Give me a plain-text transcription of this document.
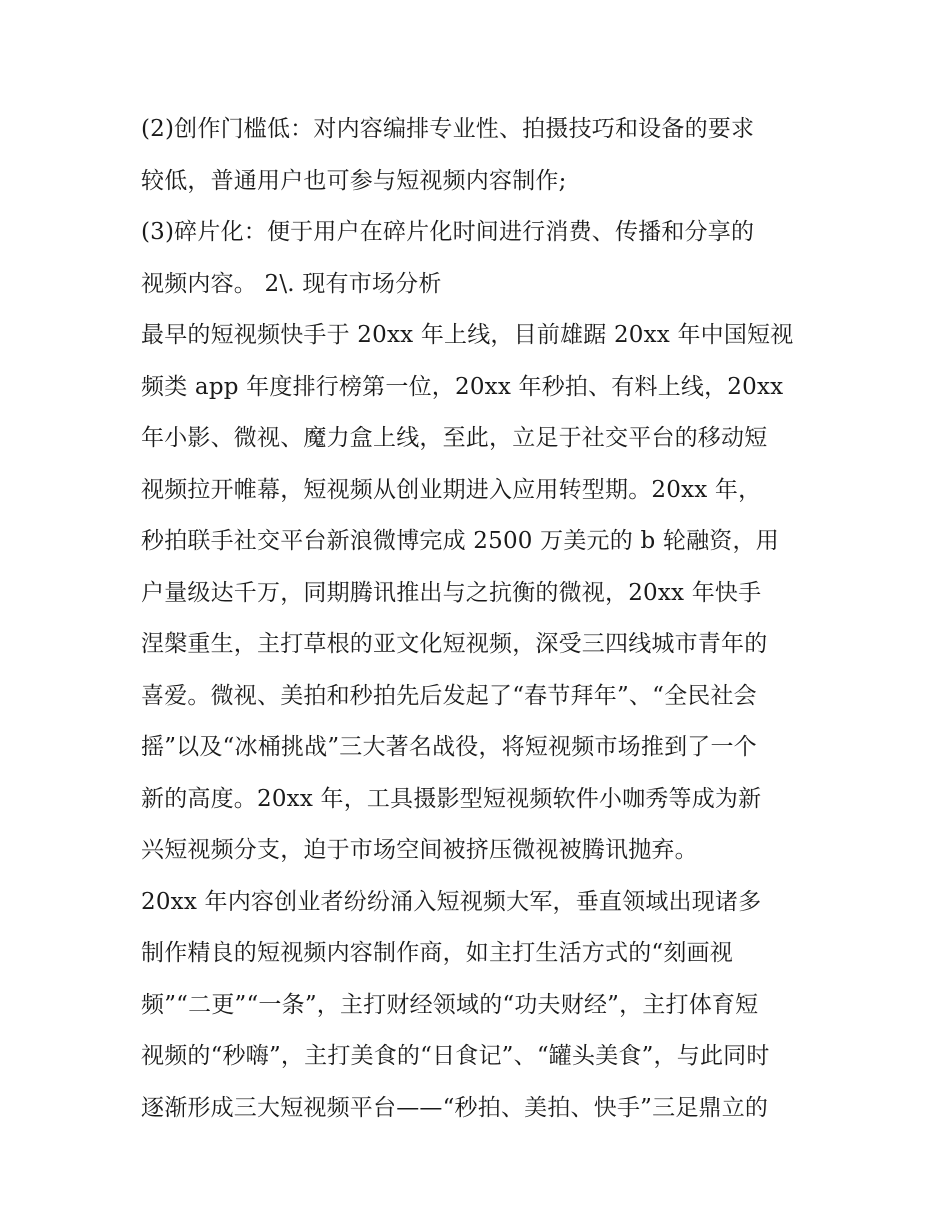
(2)创作门槛低：对内容编排专业性、拍摄技巧和设备的要求
较低，普通用户也可参与短视频内容制作;
(3)碎片化：便于用户在碎片化时间进行消费、传播和分享的
视频内容。 2\. 现有市场分析
最早的短视频快手于 20xx 年上线，目前雄踞 20xx 年中国短视
频类 app 年度排行榜第一位，20xx 年秒拍、有料上线，20xx
年小影、微视、魔力盒上线，至此，立足于社交平台的移动短
视频拉开帷幕，短视频从创业期进入应用转型期。20xx 年，
秒拍联手社交平台新浪微博完成 2500 万美元的 b 轮融资，用
户量级达千万，同期腾讯推出与之抗衡的微视，20xx 年快手
涅槃重生，主打草根的亚文化短视频，深受三四线城市青年的
喜爱。微视、美拍和秒拍先后发起了“春节拜年”、“全民社会
摇”以及“冰桶挑战”三大著名战役，将短视频市场推到了一个
新的高度。20xx 年，工具摄影型短视频软件小咖秀等成为新
兴短视频分支，迫于市场空间被挤压微视被腾讯抛弃。
20xx 年内容创业者纷纷涌入短视频大军，垂直领域出现诸多
制作精良的短视频内容制作商，如主打生活方式的“刻画视
频”“二更”“一条”，主打财经领域的“功夫财经”，主打体育短
视频的“秒嗨”，主打美食的“日食记”、“罐头美食”，与此同时
逐渐形成三大短视频平台——“秒拍、美拍、快手”三足鼎立的
